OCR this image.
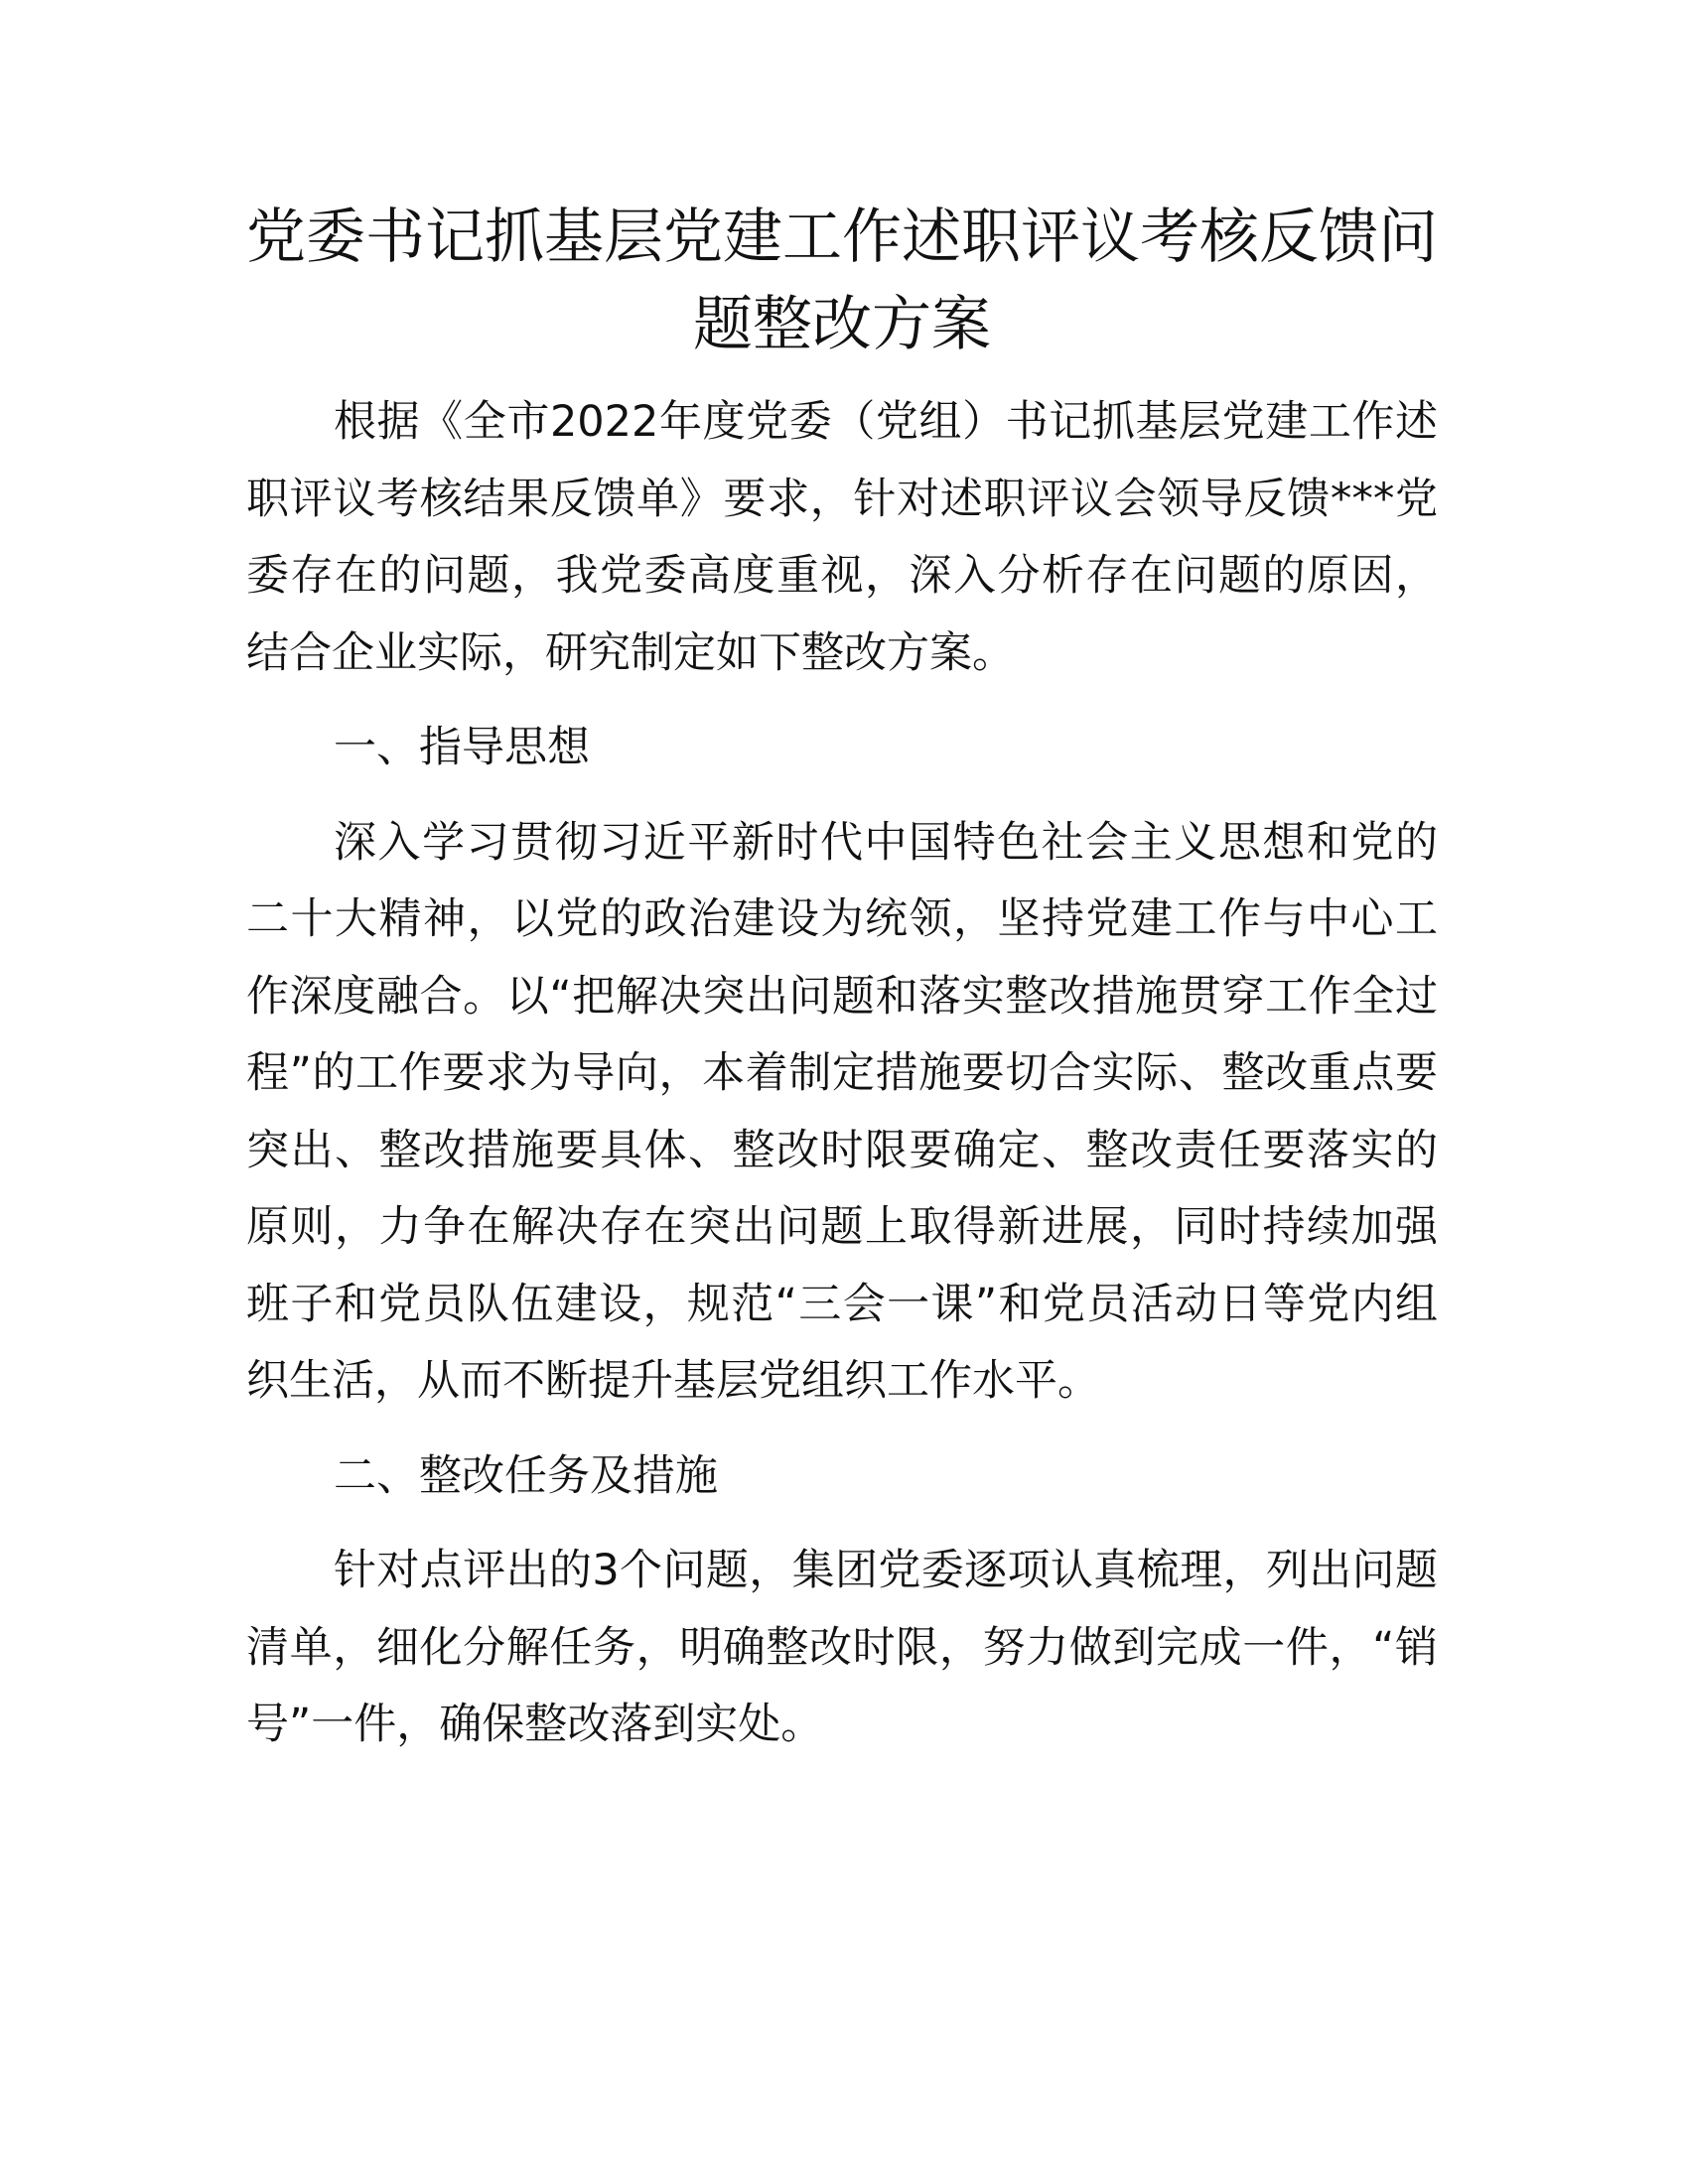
党委书记抓基层党建工作述职评议考核反馈问
题整改方案

根据《全市2022年度党委（党组）书记抓基层党建工作述职评议考核结果反馈单》要求，针对述职评议会领导反馈***党委存在的问题，我党委高度重视，深入分析存在问题的原因，结合企业实际，研究制定如下整改方案。

一、指导思想

深入学习贯彻习近平新时代中国特色社会主义思想和党的二十大精神，以党的政治建设为统领，坚持党建工作与中心工作深度融合。以“把解决突出问题和落实整改措施贯穿工作全过程”的工作要求为导向，本着制定措施要切合实际、整改重点要突出、整改措施要具体、整改时限要确定、整改责任要落实的原则，力争在解决存在突出问题上取得新进展，同时持续加强班子和党员队伍建设，规范“三会一课”和党员活动日等党内组织生活，从而不断提升基层党组织工作水平。

二、整改任务及措施

针对点评出的3个问题，集团党委逐项认真梳理，列出问题清单，细化分解任务，明确整改时限，努力做到完成一件，“销号”一件，确保整改落到实处。
